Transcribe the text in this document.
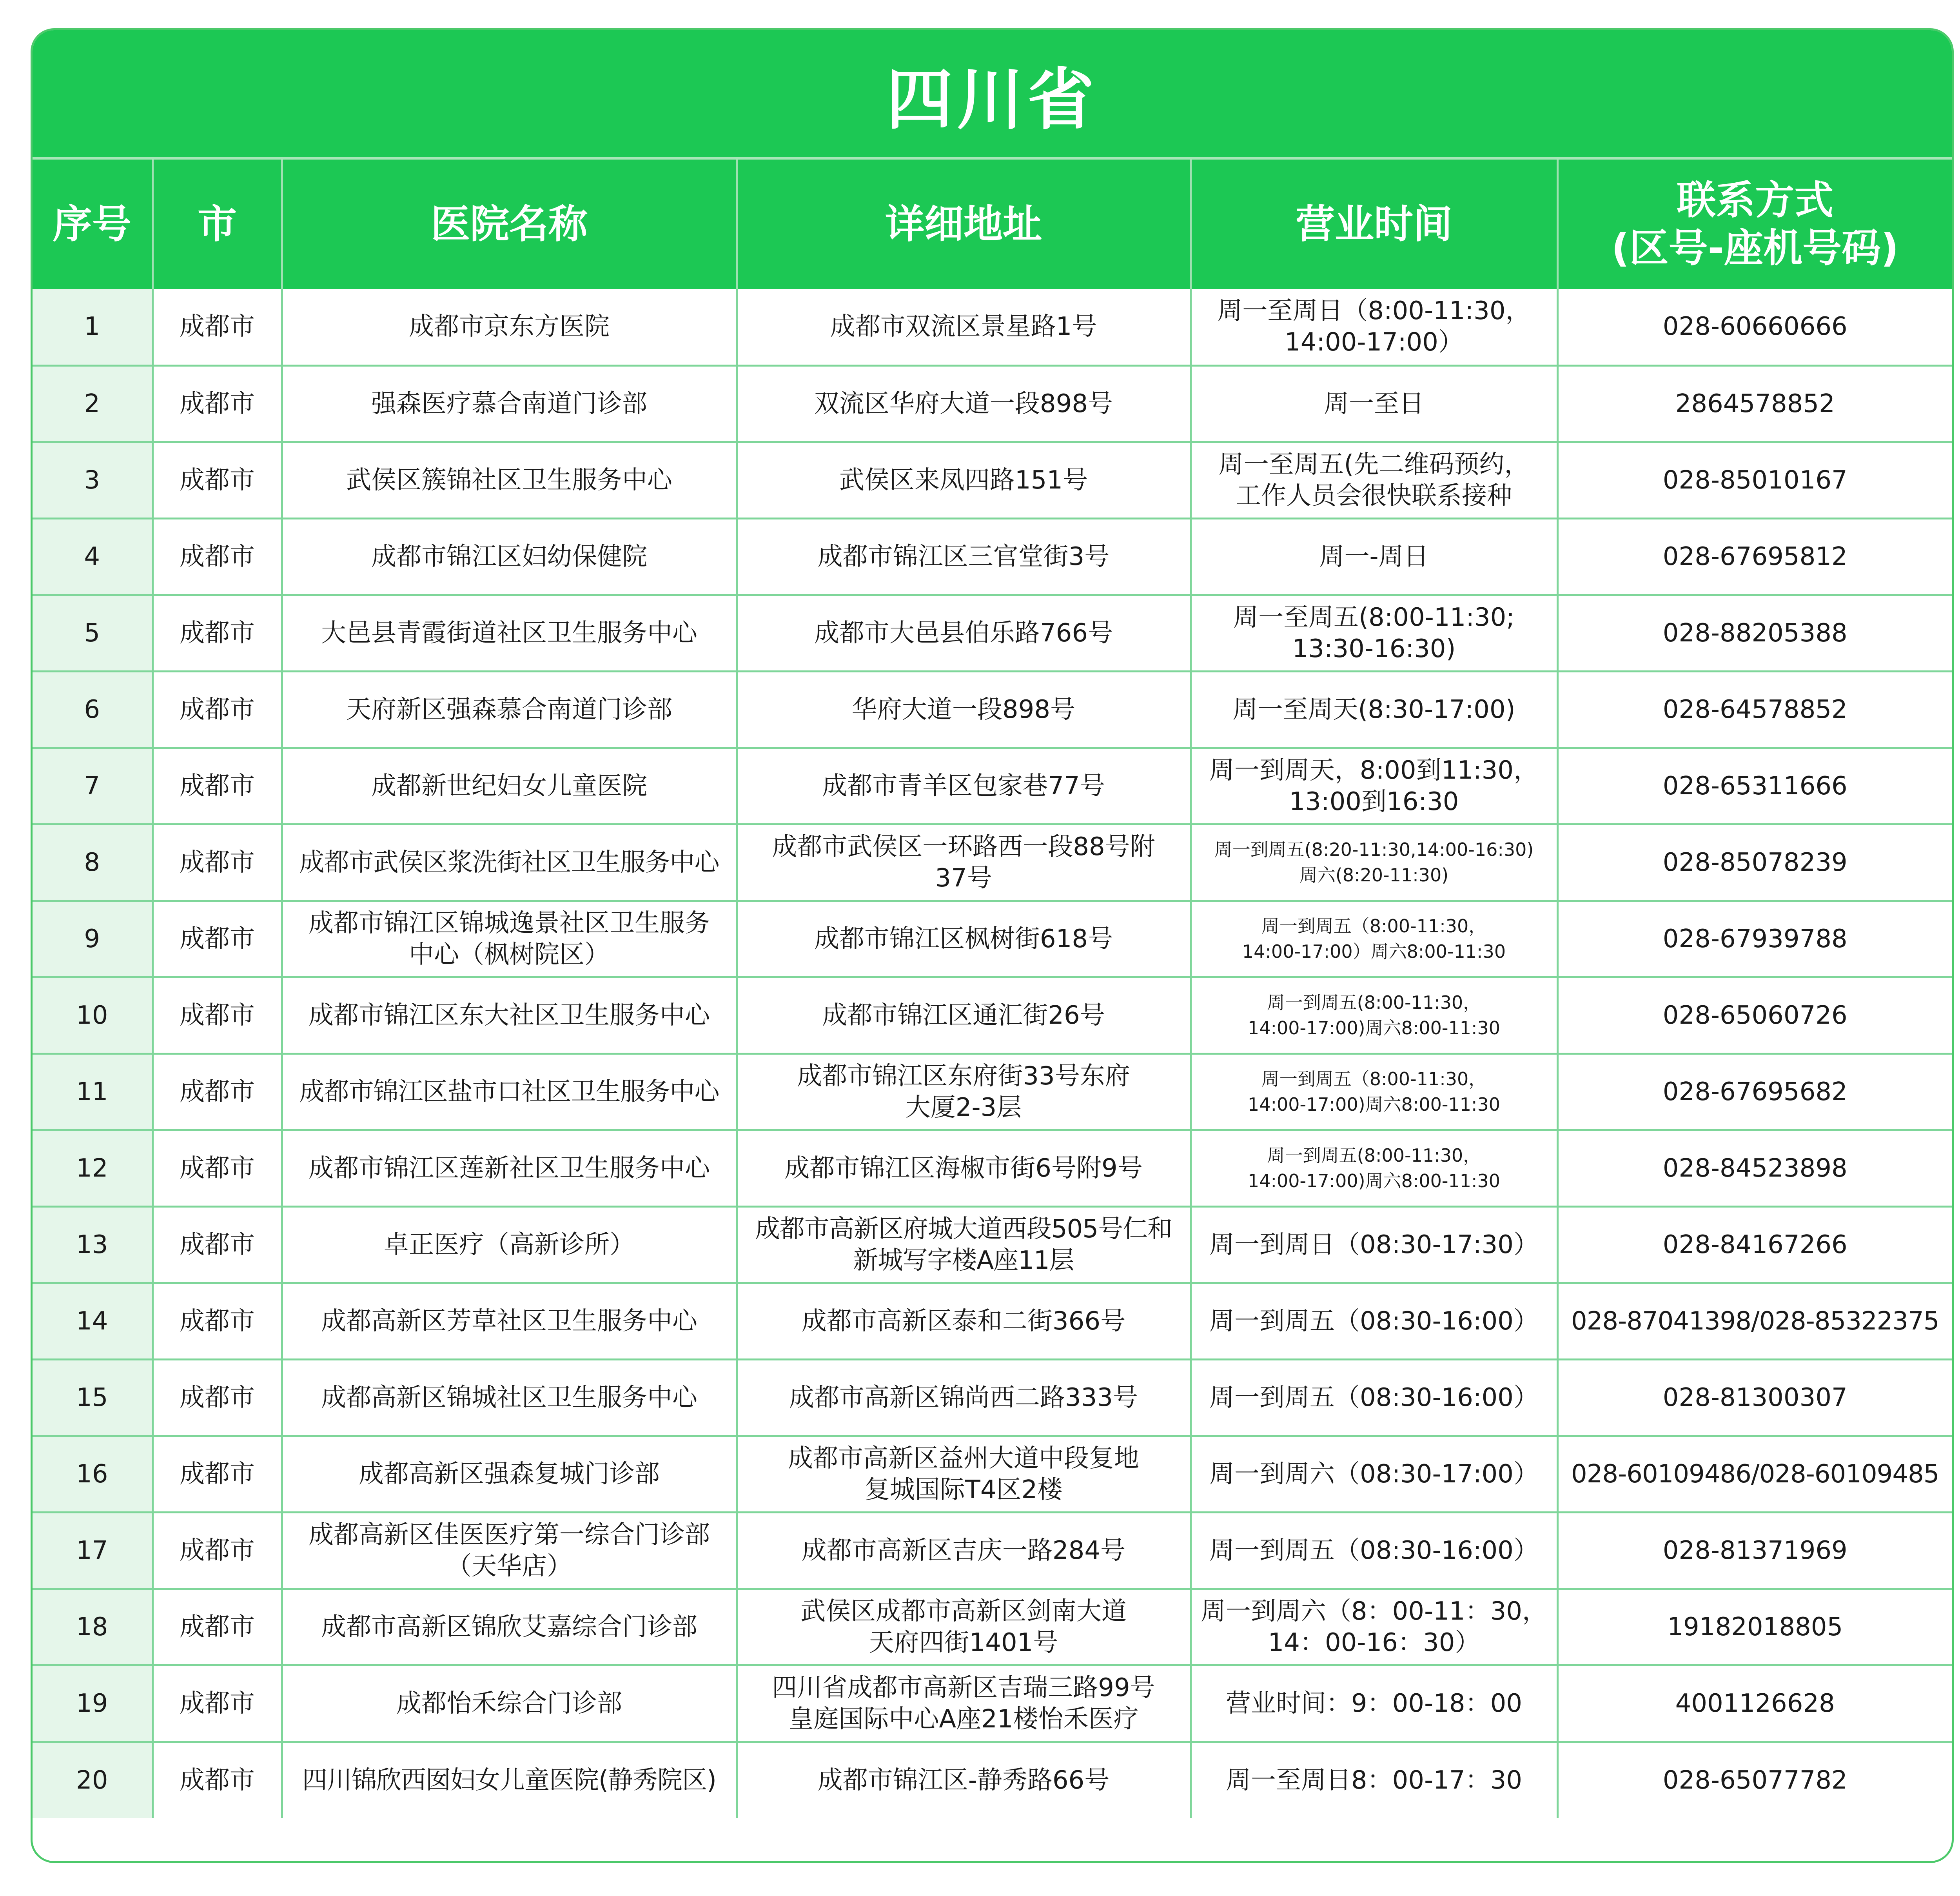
四川省
序号	市	医院名称	详细地址	营业时间	联系方式
(区号-座机号码)
1	成都市	成都市京东方医院	成都市双流区景星路1号	周一至周日（8:00-11:30，
14:00-17:00）	028-60660666
2	成都市	强森医疗慕合南道门诊部	双流区华府大道一段898号	周一至日	2864578852
3	成都市	武侯区簇锦社区卫生服务中心	武侯区来凤四路151号	周一至周五(先二维码预约，
工作人员会很快联系接种	028-85010167
4	成都市	成都市锦江区妇幼保健院	成都市锦江区三官堂街3号	周一-周日	028-67695812
5	成都市	大邑县青霞街道社区卫生服务中心	成都市大邑县伯乐路766号	周一至周五(8:00-11:30;
13:30-16:30)	028-88205388
6	成都市	天府新区强森慕合南道门诊部	华府大道一段898号	周一至周天(8:30-17:00)	028-64578852
7	成都市	成都新世纪妇女儿童医院	成都市青羊区包家巷77号	周一到周天，8:00到11:30，
13:00到16:30	028-65311666
8	成都市	成都市武侯区浆洗街社区卫生服务中心	成都市武侯区一环路西一段88号附
37号	周一到周五(8:20-11:30,14:00-16:30)
周六(8:20-11:30)	028-85078239
9	成都市	成都市锦江区锦城逸景社区卫生服务
中心（枫树院区）	成都市锦江区枫树街618号	周一到周五（8:00-11:30，
14:00-17:00）周六8:00-11:30	028-67939788
10	成都市	成都市锦江区东大社区卫生服务中心	成都市锦江区通汇街26号	周一到周五(8:00-11:30，
14:00-17:00)周六8:00-11:30	028-65060726
11	成都市	成都市锦江区盐市口社区卫生服务中心	成都市锦江区东府街33号东府
大厦2-3层	周一到周五（8:00-11:30，
14:00-17:00)周六8:00-11:30	028-67695682
12	成都市	成都市锦江区莲新社区卫生服务中心	成都市锦江区海椒市街6号附9号	周一到周五(8:00-11:30，
14:00-17:00)周六8:00-11:30	028-84523898
13	成都市	卓正医疗（高新诊所）	成都市高新区府城大道西段505号仁和
新城写字楼A座11层	周一到周日（08:30-17:30）	028-84167266
14	成都市	成都高新区芳草社区卫生服务中心	成都市高新区泰和二街366号	周一到周五（08:30-16:00）	028-87041398/028-85322375
15	成都市	成都高新区锦城社区卫生服务中心	成都市高新区锦尚西二路333号	周一到周五（08:30-16:00）	028-81300307
16	成都市	成都高新区强森复城门诊部	成都市高新区益州大道中段复地
复城国际T4区2楼	周一到周六（08:30-17:00）	028-60109486/028-60109485
17	成都市	成都高新区佳医医疗第一综合门诊部
（天华店）	成都市高新区吉庆一路284号	周一到周五（08:30-16:00）	028-81371969
18	成都市	成都市高新区锦欣艾嘉综合门诊部	武侯区成都市高新区剑南大道
天府四街1401号	周一到周六（8：00-11：30，
14：00-16：30）	19182018805
19	成都市	成都怡禾综合门诊部	四川省成都市高新区吉瑞三路99号
皇庭国际中心A座21楼怡禾医疗	营业时间：9：00-18：00	4001126628
20	成都市	四川锦欣西囡妇女儿童医院(静秀院区)	成都市锦江区-静秀路66号	周一至周日8：00-17：30	028-65077782
